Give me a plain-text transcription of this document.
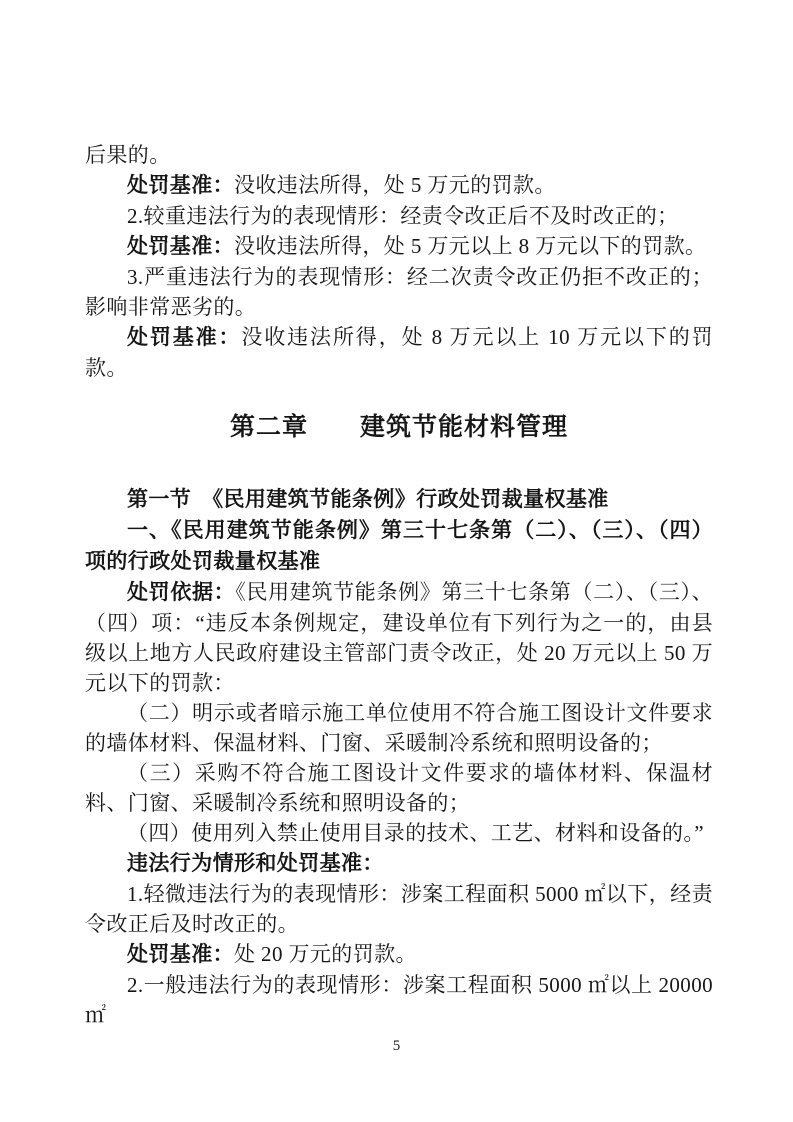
后果的。

处罚基准：没收违法所得，处 5 万元的罚款。

2.较重违法行为的表现情形：经责令改正后不及时改正的；

处罚基准：没收违法所得，处 5 万元以上 8 万元以下的罚款。

3.严重违法行为的表现情形：经二次责令改正仍拒不改正的；影响非常恶劣的。

处罚基准：没收违法所得，处 8 万元以上 10 万元以下的罚款。

第二章　　建筑节能材料管理

第一节　《民用建筑节能条例》行政处罚裁量权基准

一、《民用建筑节能条例》第三十七条第（二）、（三）、（四）项的行政处罚裁量权基准

处罚依据：《民用建筑节能条例》第三十七条第（二）、（三）、（四）项：“违反本条例规定，建设单位有下列行为之一的，由县级以上地方人民政府建设主管部门责令改正，处 20 万元以上 50 万元以下的罚款：

（二）明示或者暗示施工单位使用不符合施工图设计文件要求的墙体材料、保温材料、门窗、采暖制冷系统和照明设备的；

（三）采购不符合施工图设计文件要求的墙体材料、保温材料、门窗、采暖制冷系统和照明设备的；

（四）使用列入禁止使用目录的技术、工艺、材料和设备的。”

违法行为情形和处罚基准：

1.轻微违法行为的表现情形：涉案工程面积 5000 ㎡以下，经责令改正后及时改正的。

处罚基准：处 20 万元的罚款。

2.一般违法行为的表现情形：涉案工程面积 5000 ㎡以上 20000 ㎡

5
